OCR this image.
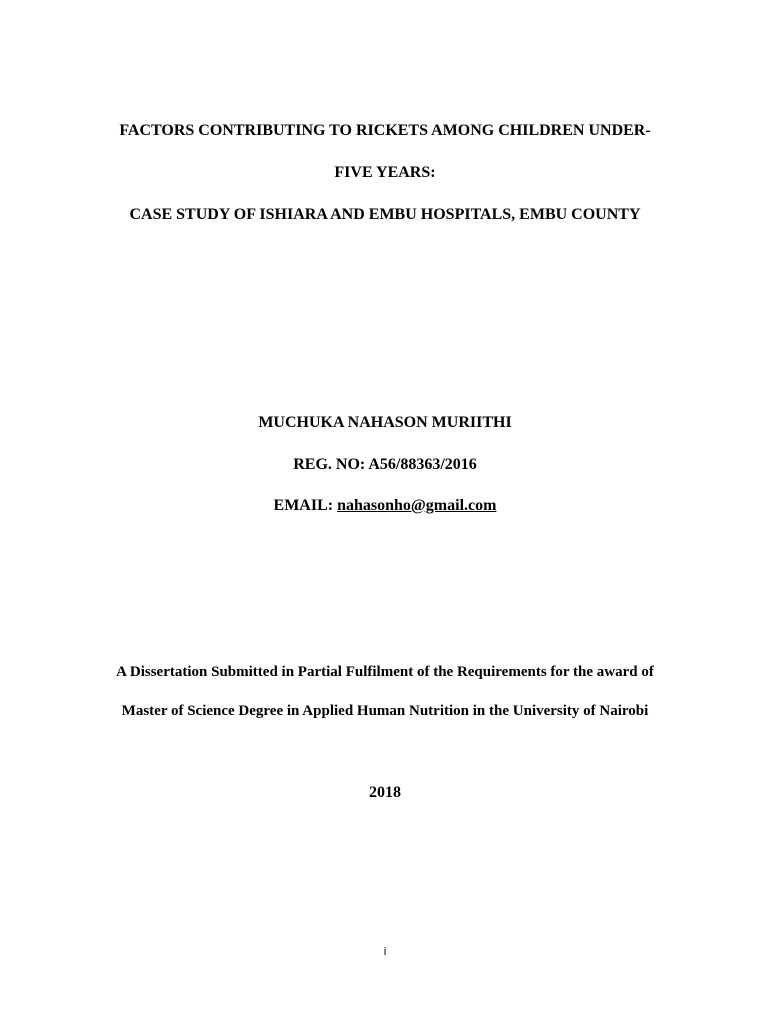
FACTORS CONTRIBUTING TO RICKETS AMONG CHILDREN UNDER-
FIVE YEARS:
CASE STUDY OF ISHIARA AND EMBU HOSPITALS, EMBU COUNTY
MUCHUKA NAHASON MURIITHI
REG. NO: A56/88363/2016
EMAIL: nahasonho@gmail.com
A Dissertation Submitted in Partial Fulfilment of the Requirements for the award of
Master of Science Degree in Applied Human Nutrition in the University of Nairobi
2018
i
